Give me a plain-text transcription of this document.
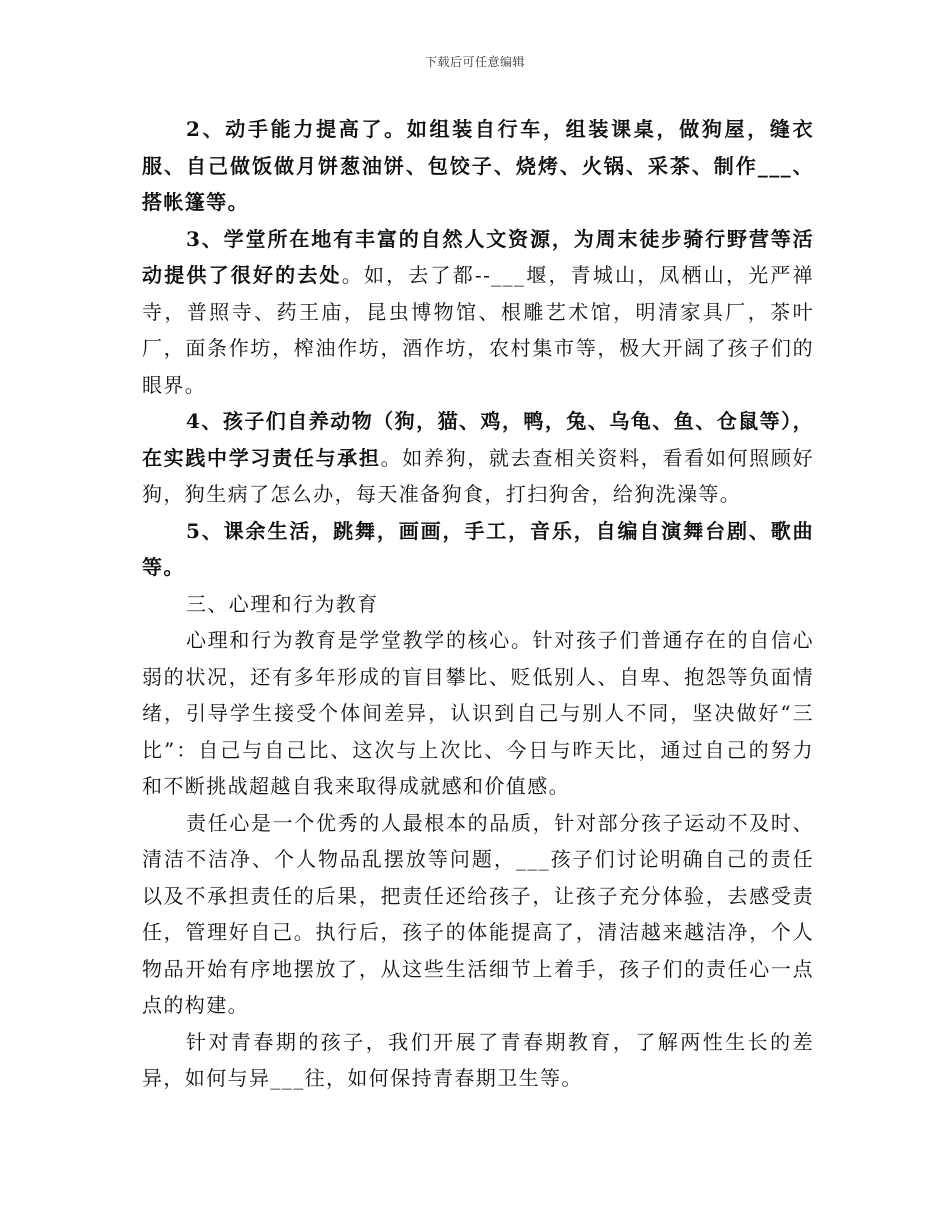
下载后可任意编辑

2、动手能力提高了。如组装自行车，组装课桌，做狗屋，缝衣服、自己做饭做月饼葱油饼、包饺子、烧烤、火锅、采茶、制作___、搭帐篷等。

3、学堂所在地有丰富的自然人文资源，为周末徒步骑行野营等活动提供了很好的去处。如，去了都--___堰，青城山，凤栖山，光严禅寺，普照寺、药王庙，昆虫博物馆、根雕艺术馆，明清家具厂，茶叶厂，面条作坊，榨油作坊，酒作坊，农村集市等，极大开阔了孩子们的眼界。

4、孩子们自养动物（狗，猫、鸡，鸭，兔、乌龟、鱼、仓鼠等），在实践中学习责任与承担。如养狗，就去查相关资料，看看如何照顾好狗，狗生病了怎么办，每天准备狗食，打扫狗舍，给狗洗澡等。

5、课余生活，跳舞，画画，手工，音乐，自编自演舞台剧、歌曲等。

三、心理和行为教育

心理和行为教育是学堂教学的核心。针对孩子们普通存在的自信心弱的状况，还有多年形成的盲目攀比、贬低别人、自卑、抱怨等负面情绪，引导学生接受个体间差异，认识到自己与别人不同，坚决做好“三比”：自己与自己比、这次与上次比、今日与昨天比，通过自己的努力和不断挑战超越自我来取得成就感和价值感。

责任心是一个优秀的人最根本的品质，针对部分孩子运动不及时、清洁不洁净、个人物品乱摆放等问题，___孩子们讨论明确自己的责任以及不承担责任的后果，把责任还给孩子，让孩子充分体验，去感受责任，管理好自己。执行后，孩子的体能提高了，清洁越来越洁净，个人物品开始有序地摆放了，从这些生活细节上着手，孩子们的责任心一点点的构建。

针对青春期的孩子，我们开展了青春期教育，了解两性生长的差异，如何与异___往，如何保持青春期卫生等。
